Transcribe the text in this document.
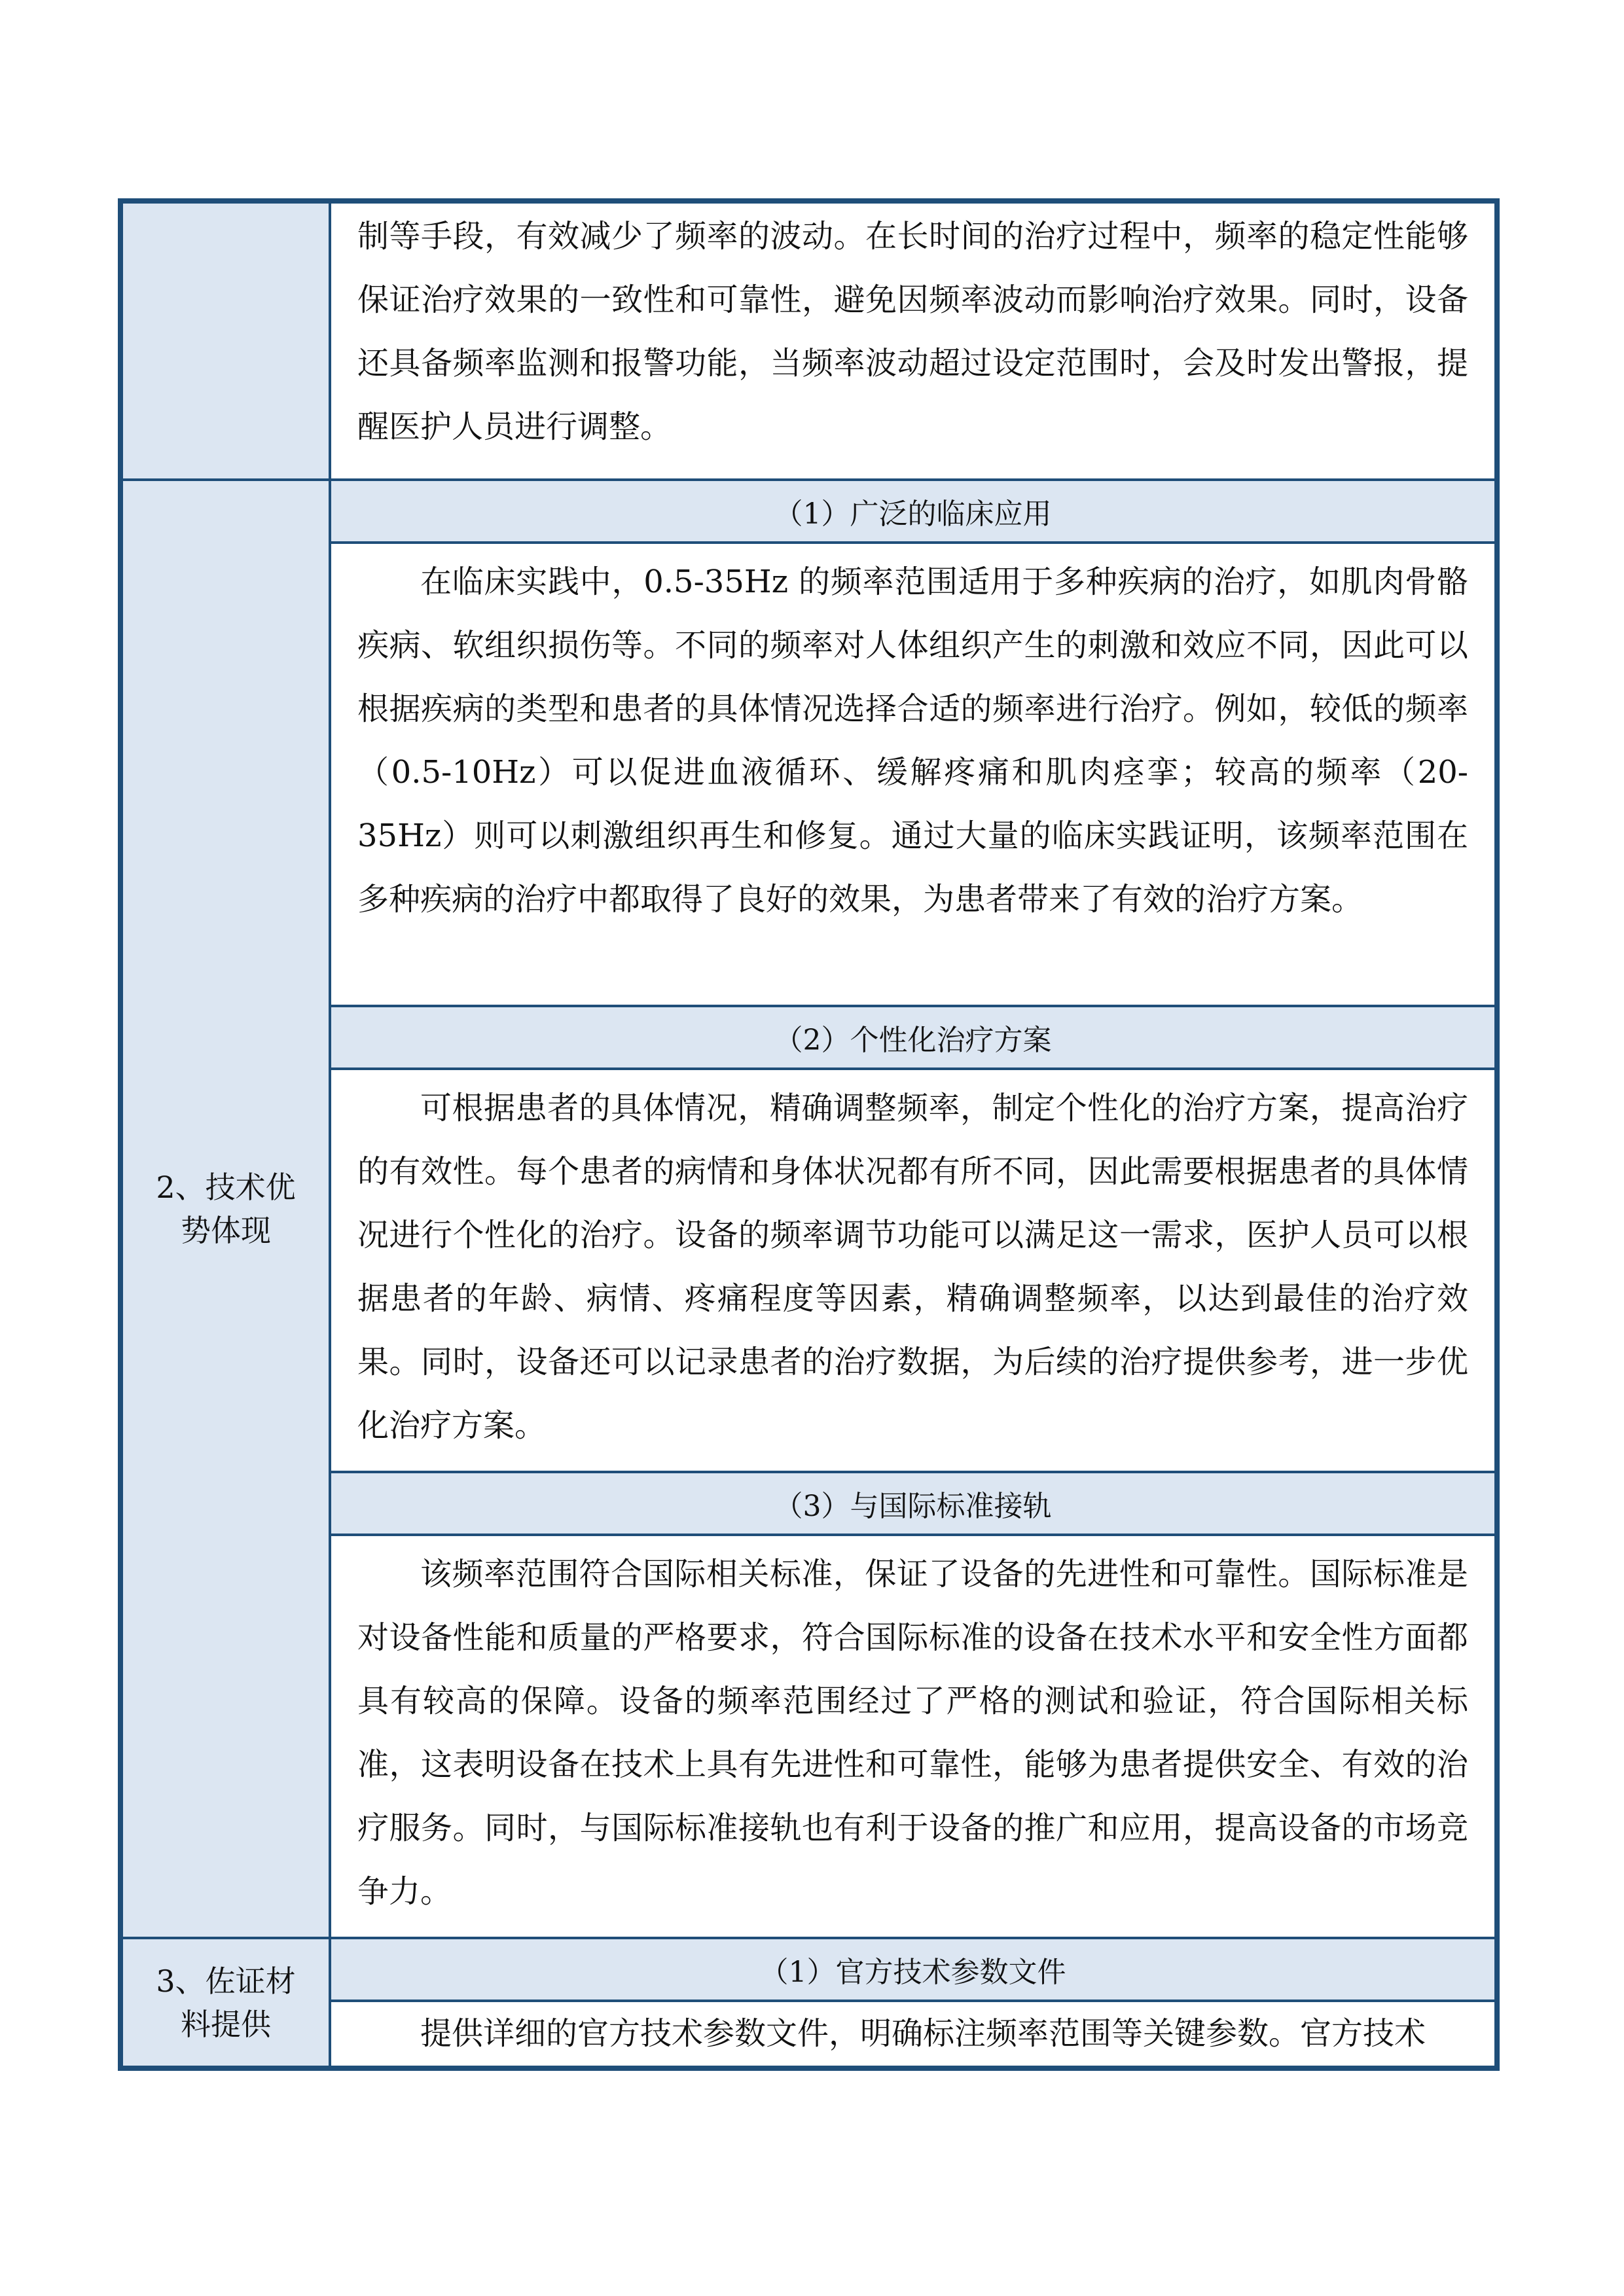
	制等手段，有效减少了频率的波动。在长时间的治疗过程中，频率的稳定性能够保证治疗效果的一致性和可靠性，避免因频率波动而影响治疗效果。同时，设备还具备频率监测和报警功能，当频率波动超过设定范围时，会及时发出警报，提醒医护人员进行调整。

2、技术优
势体现	（1）广泛的临床应用

	在临床实践中，0.5-35Hz 的频率范围适用于多种疾病的治疗，如肌肉骨骼疾病、软组织损伤等。不同的频率对人体组织产生的刺激和效应不同，因此可以根据疾病的类型和患者的具体情况选择合适的频率进行治疗。例如，较低的频率（0.5-10Hz）可以促进血液循环、缓解疼痛和肌肉痉挛；较高的频率（20-35Hz）则可以刺激组织再生和修复。通过大量的临床实践证明，该频率范围在多种疾病的治疗中都取得了良好的效果，为患者带来了有效的治疗方案。

	（2）个性化治疗方案

	可根据患者的具体情况，精确调整频率，制定个性化的治疗方案，提高治疗的有效性。每个患者的病情和身体状况都有所不同，因此需要根据患者的具体情况进行个性化的治疗。设备的频率调节功能可以满足这一需求，医护人员可以根据患者的年龄、病情、疼痛程度等因素，精确调整频率，以达到最佳的治疗效果。同时，设备还可以记录患者的治疗数据，为后续的治疗提供参考，进一步优化治疗方案。

	（3）与国际标准接轨

	该频率范围符合国际相关标准，保证了设备的先进性和可靠性。国际标准是对设备性能和质量的严格要求，符合国际标准的设备在技术水平和安全性方面都具有较高的保障。设备的频率范围经过了严格的测试和验证，符合国际相关标准，这表明设备在技术上具有先进性和可靠性，能够为患者提供安全、有效的治疗服务。同时，与国际标准接轨也有利于设备的推广和应用，提高设备的市场竞争力。

3、佐证材
料提供	（1）官方技术参数文件

	提供详细的官方技术参数文件，明确标注频率范围等关键参数。官方技术
